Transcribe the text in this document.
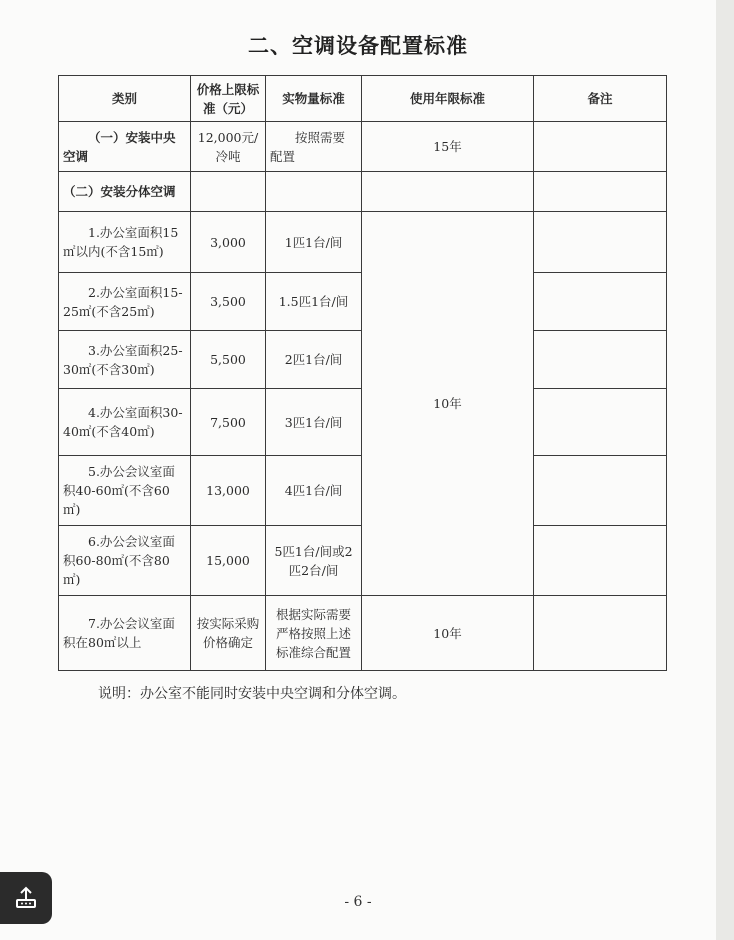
二、空调设备配置标准
类别	价格上限标准（元）	实物量标准	使用年限标准	备注
（一）安装中央空调	12,000元/冷吨	按照需要配置	15年	
（二）安装分体空调				
1.办公室面积15㎡以内(不含15㎡)	3,000	1匹1台/间	10年	
2.办公室面积15-25㎡(不含25㎡)	3,500	1.5匹1台/间		
3.办公室面积25-30㎡(不含30㎡)	5,500	2匹1台/间		
4.办公室面积30-40㎡(不含40㎡)	7,500	3匹1台/间		
5.办公会议室面积40-60㎡(不含60㎡)	13,000	4匹1台/间		
6.办公会议室面积60-80㎡(不含80㎡)	15,000	5匹1台/间或2匹2台/间		
7.办公会议室面积在80㎡以上	按实际采购价格确定	根据实际需要严格按照上述标准综合配置	10年	
说明：办公室不能同时安装中央空调和分体空调。
- 6 -
